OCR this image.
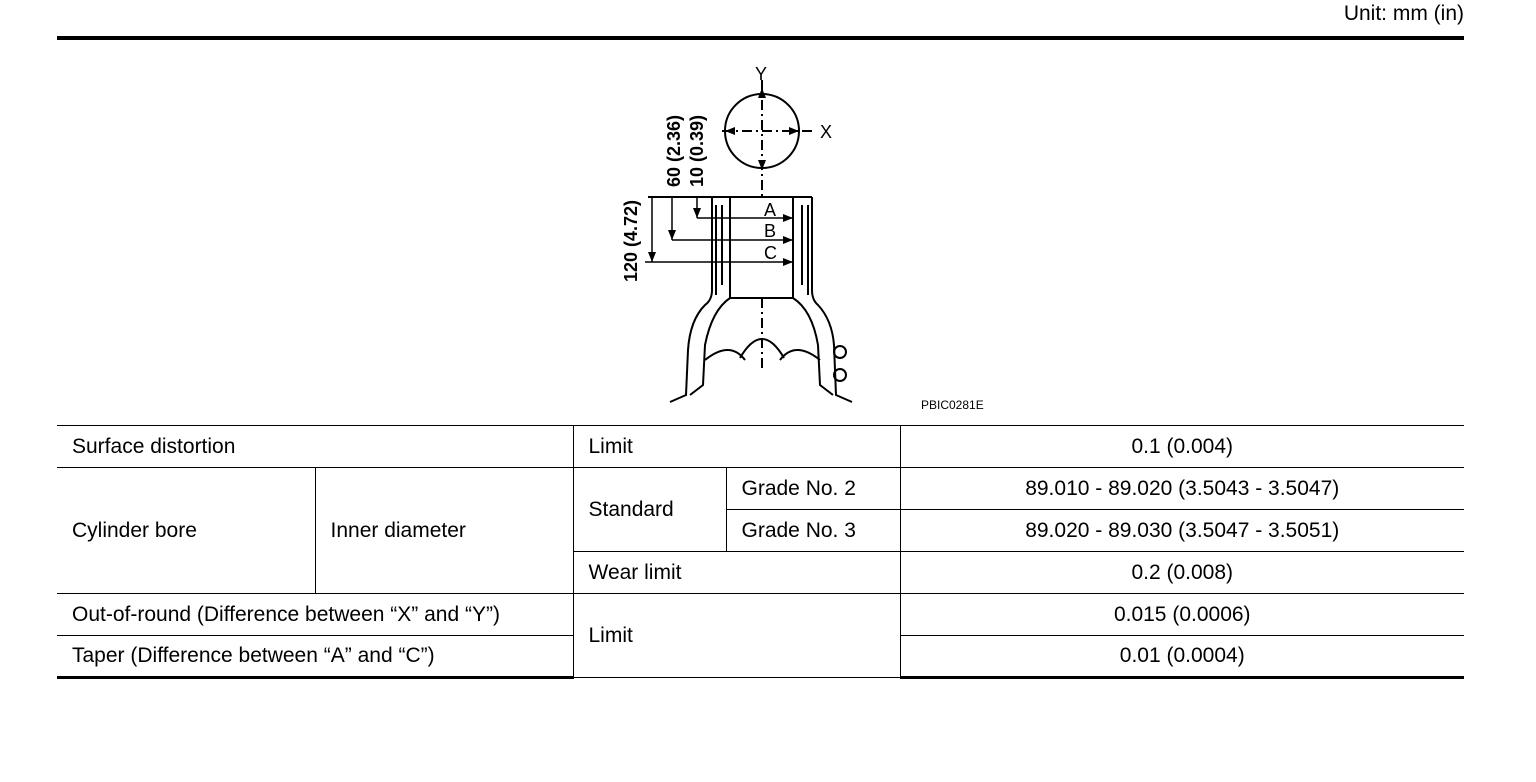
Unit: mm (in)
Y
X
A
B
C
120 (4.72)
60 (2.36) 10 (0.39)
PBIC0281E
Surface distortion		Limit		0.1 (0.004)
Cylinder bore	Inner diameter	Standard	Grade No. 2	89.010 - 89.020 (3.5043 - 3.5047)
			Grade No. 3	89.020 - 89.030 (3.5047 - 3.5051)
		Wear limit		0.2 (0.008)
Out-of-round (Difference between “X” and “Y”)		Limit		0.015 (0.0006)
Taper (Difference between “A” and “C”)				0.01 (0.0004)
